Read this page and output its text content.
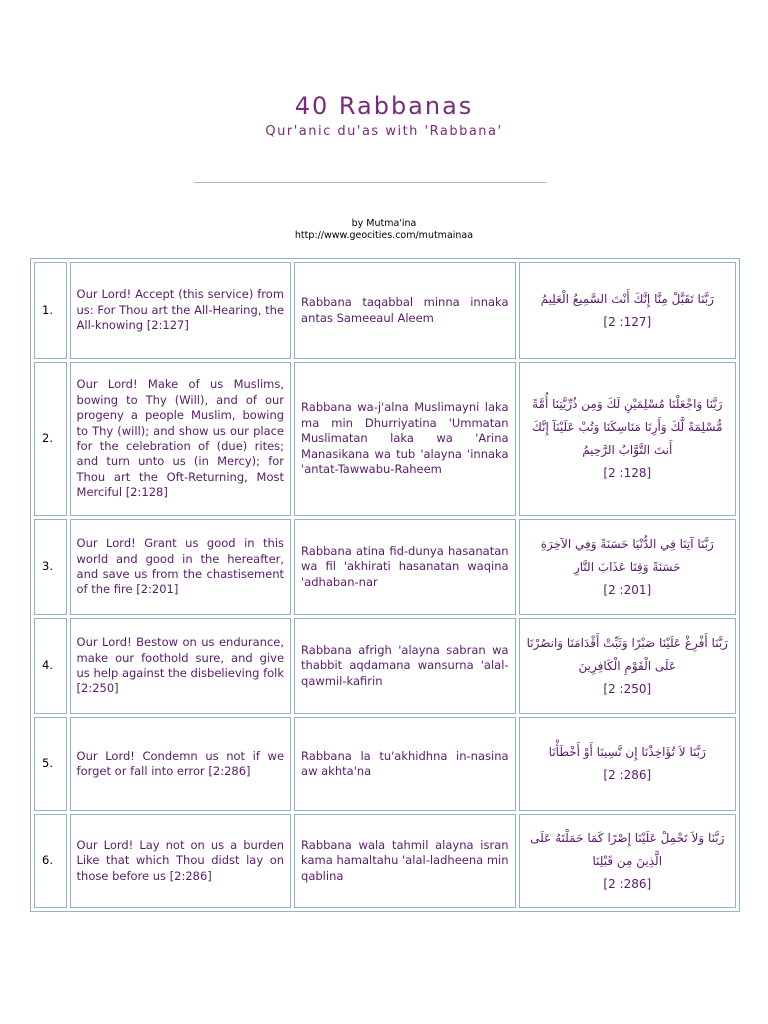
40 Rabbanas
Qur'anic du'as with 'Rabbana'
by Mutma'ina
http://www.geocities.com/mutmainaa
1.	Our Lord! Accept (this service) from us: For Thou art the All-Hearing, the All-knowing [2:127]	Rabbana taqabbal minna innaka antas Sameeaul Aleem	رَبَّنَا تَقَبَّلْ مِنَّا إِنَّكَ أَنْتَ السَّمِيعُ الْعَلِيمُ
[2 :127]

2.	Our Lord! Make of us Muslims, bowing to Thy (Will), and of our progeny a people Muslim, bowing to Thy (will); and show us our place for the celebration of (due) rites; and turn unto us (in Mercy); for Thou art the Oft-Returning, Most Merciful [2:128]	Rabbana wa-j'alna Muslimayni laka ma min Dhurriyatina 'Ummatan Muslimatan laka wa 'Arina Manasikana wa tub 'alayna 'innaka 'antat-Tawwabu-Raheem	رَبَّنَا وَاجْعَلْنَا مُسْلِمَيْنِ لَكَ وَمِن ذُرِّيَّتِنَا أُمَّةً مُّسْلِمَةً لَّكَ وَأَرِنَا مَنَاسِكَنَا وَتُبْ عَلَيْنَآ إِنَّكَ أَنتَ التَّوَّابُ الرَّحِيمُ
[2 :128]

3.	Our Lord! Grant us good in this world and good in the hereafter, and save us from the chastisement of the fire [2:201]	Rabbana atina fid-dunya hasanatan wa fil 'akhirati hasanatan waqina 'adhaban-nar	رَبَّنَا آتِنَا فِي الدُّنْيَا حَسَنَةً وَفِي الآخِرَةِ حَسَنَةً وَقِنَا عَذَابَ النَّارِ
[2 :201]

4.	Our Lord! Bestow on us endurance, make our foothold sure, and give us help against the disbelieving folk [2:250]	Rabbana afrigh 'alayna sabran wa thabbit aqdamana wansurna 'alal-qawmil-kafirin	رَبَّنَا أَفْرِغْ عَلَيْنَا صَبْرًا وَثَبِّتْ أَقْدَامَنَا وَانصُرْنَا عَلَى الْقَوْمِ الْكَافِرِينَ
[2 :250]

5.	Our Lord! Condemn us not if we forget or fall into error [2:286]	Rabbana la tu'akhidhna in-nasina aw akhta'na	رَبَّنَا لاَ تُؤَاخِذْنَا إِن نَّسِينَا أَوْ أَخْطَأْنَا
[2 :286]

6.	Our Lord! Lay not on us a burden Like that which Thou didst lay on those before us [2:286]	Rabbana wala tahmil alayna isran kama hamaltahu 'alal-ladheena min qablina	رَبَّنَا وَلاَ تَحْمِلْ عَلَيْنَا إِصْرًا كَمَا حَمَلْتَهُ عَلَى الَّذِينَ مِن قَبْلِنَا
[2 :286]
